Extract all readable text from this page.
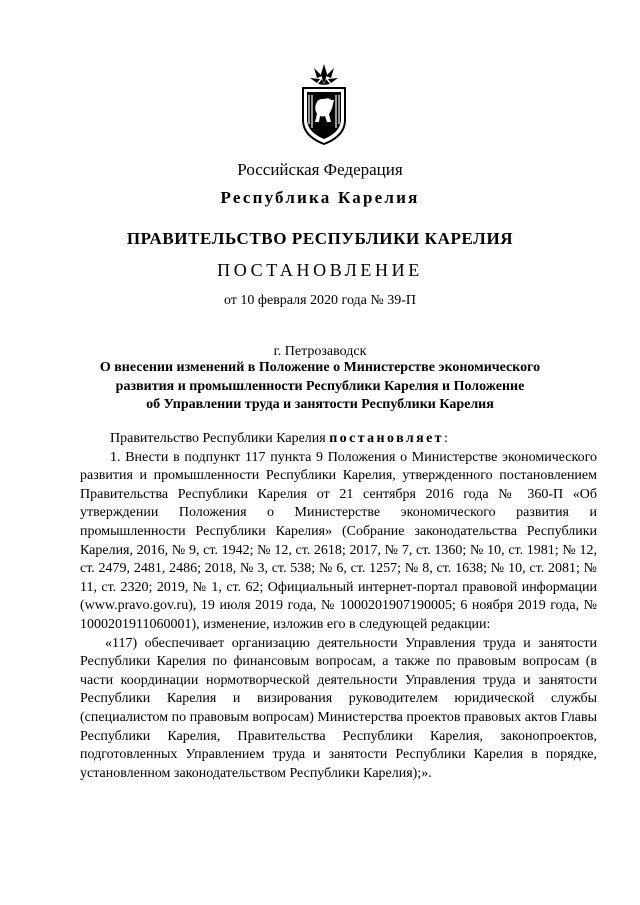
Российская Федерация
Республика Карелия
ПРАВИТЕЛЬСТВО РЕСПУБЛИКИ КАРЕЛИЯ
ПОСТАНОВЛЕНИЕ
от 10 февраля 2020 года № 39-П
г. Петрозаводск
О внесении изменений в Положение о Министерстве экономического
развития и промышленности Республики Карелия и Положение
об Управлении труда и занятости Республики Карелия

Правительство Республики Карелия постановляет:

1. Внести в подпункт 117 пункта 9 Положения о Министерстве экономического развития и промышленности Республики Карелия, утвержденного постановлением Правительства Республики Карелия от 21 сентября 2016 года № 360-П «Об утверждении Положения о Министерстве экономического развития и промышленности Республики Карелия» (Собрание законодательства Республики Карелия, 2016, № 9, ст. 1942; № 12, ст. 2618; 2017, № 7, ст. 1360; № 10, ст. 1981; № 12, ст. 2479, 2481, 2486; 2018, № 3, ст. 538; № 6, ст. 1257; № 8, ст. 1638; № 10, ст. 2081; № 11, ст. 2320; 2019, № 1, ст. 62; Официальный интернет-портал правовой информации (www.pravo.gov.ru), 19 июля 2019 года, № 1000201907190005; 6 ноября 2019 года, № 1000201911060001), изменение, изложив его в следующей редакции:

«117) обеспечивает организацию деятельности Управления труда и занятости Республики Карелия по финансовым вопросам, а также по правовым вопросам (в части координации нормотворческой деятельности Управления труда и занятости Республики Карелия и визирования руководителем юридической службы (специалистом по правовым вопросам) Министерства проектов правовых актов Главы Республики Карелия, Правительства Республики Карелия, законопроектов, подготовленных Управлением труда и занятости Республики Карелия в порядке, установленном законодательством Республики Карелия);».
